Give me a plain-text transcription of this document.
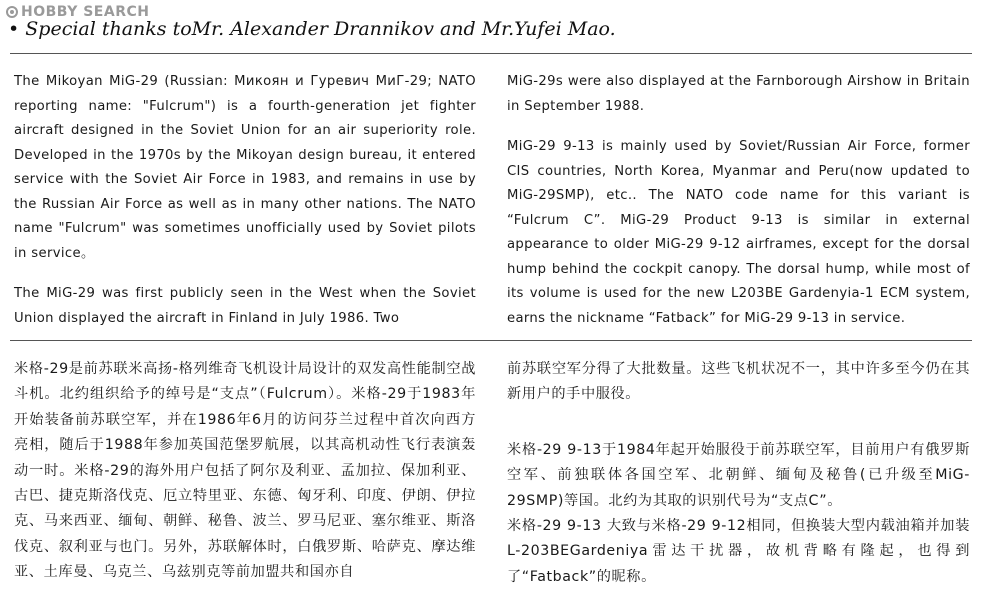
HOBBY SEARCH
• Special thanks toMr. Alexander Drannikov and Mr.Yufei Mao.

The Mikoyan MiG-29 (Russian: Микоян и Гуревич МиГ-29; NATO reporting name: "Fulcrum") is a fourth-generation jet fighter aircraft designed in the Soviet Union for an air superiority role. Developed in the 1970s by the Mikoyan design bureau, it entered service with the Soviet Air Force in 1983, and remains in use by the Russian Air Force as well as in many other nations. The NATO name "Fulcrum" was sometimes unofficially used by Soviet pilots in service。

The MiG-29 was first publicly seen in the West when the Soviet Union displayed the aircraft in Finland in July 1986. Two

MiG-29s were also displayed at the Farnborough Airshow in Britain in September 1988.

MiG-29 9-13 is mainly used by Soviet/Russian Air Force, former CIS countries, North Korea, Myanmar and Peru(now updated to MiG-29SMP), etc.. The NATO code name for this variant is “Fulcrum C”. MiG-29 Product 9-13 is similar in external appearance to older MiG-29 9-12 airframes, except for the dorsal hump behind the cockpit canopy. The dorsal hump, while most of its volume is used for the new L203BE Gardenyia-1 ECM system, earns the nickname “Fatback” for MiG-29 9-13 in service.

米格-29是前苏联米高扬-格列维奇飞机设计局设计的双发高性能制空战斗机。北约组织给予的绰号是“支点”（Fulcrum）。米格-29于1983年开始装备前苏联空军，并在1986年6月的访问芬兰过程中首次向西方亮相，随后于1988年参加英国范堡罗航展，以其高机动性飞行表演轰动一时。米格-29的海外用户包括了阿尔及利亚、孟加拉、保加利亚、古巴、捷克斯洛伐克、厄立特里亚、东德、匈牙利、印度、伊朗、伊拉克、马来西亚、缅甸、朝鲜、秘鲁、波兰、罗马尼亚、塞尔维亚、斯洛伐克、叙利亚与也门。另外，苏联解体时，白俄罗斯、哈萨克、摩达维亚、土库曼、乌克兰、乌兹别克等前加盟共和国亦自

前苏联空军分得了大批数量。这些飞机状况不一，其中许多至今仍在其新用户的手中服役。

米格-29 9-13于1984年起开始服役于前苏联空军，目前用户有俄罗斯空军、前独联体各国空军、北朝鲜、缅甸及秘鲁(已升级至MiG-29SMP)等国。北约为其取的识别代号为“支点C”。

米格-29 9-13 大致与米格-29 9-12相同，但换装大型内载油箱并加装L-203BEGardeniya雷达干扰器，故机背略有隆起，也得到了“Fatback”的昵称。
